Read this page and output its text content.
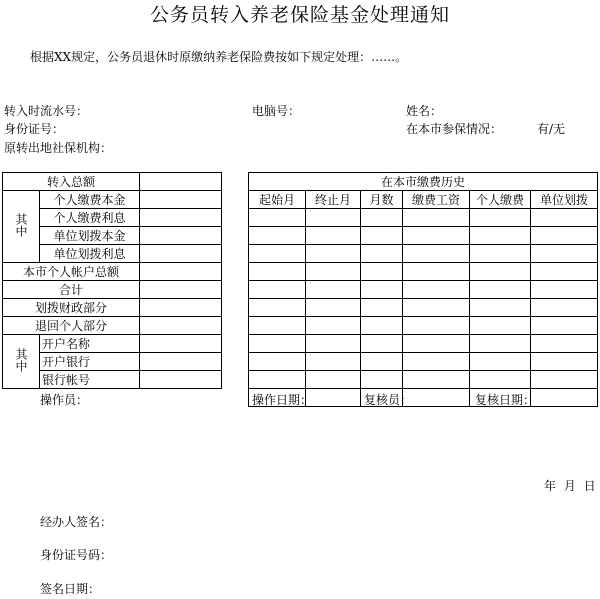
公务员转入养老保险基金处理通知
根据XX规定，公务员退休时原缴纳养老保险费按如下规定处理：……。
转入时流水号：	电脑号：	姓名：
身份证号：	在本市参保情况：	有/无
原转出地社保机构：
转入总额		
其中	个人缴费本金	
	个人缴费利息	
	单位划拨本金	
	单位划拨利息	
本市个人帐户总额		
合计		
划拨财政部分		
退回个人部分		
其中	开户名称	
	开户银行	
	银行帐号	
在本市缴费历史					
起始月	终止月	月数	缴费工资	个人缴费	单位划拨

操作员：	操作日期：	复核员：	复核日期：
年 月 日
经办人签名：
身份证号码：
签名日期：
